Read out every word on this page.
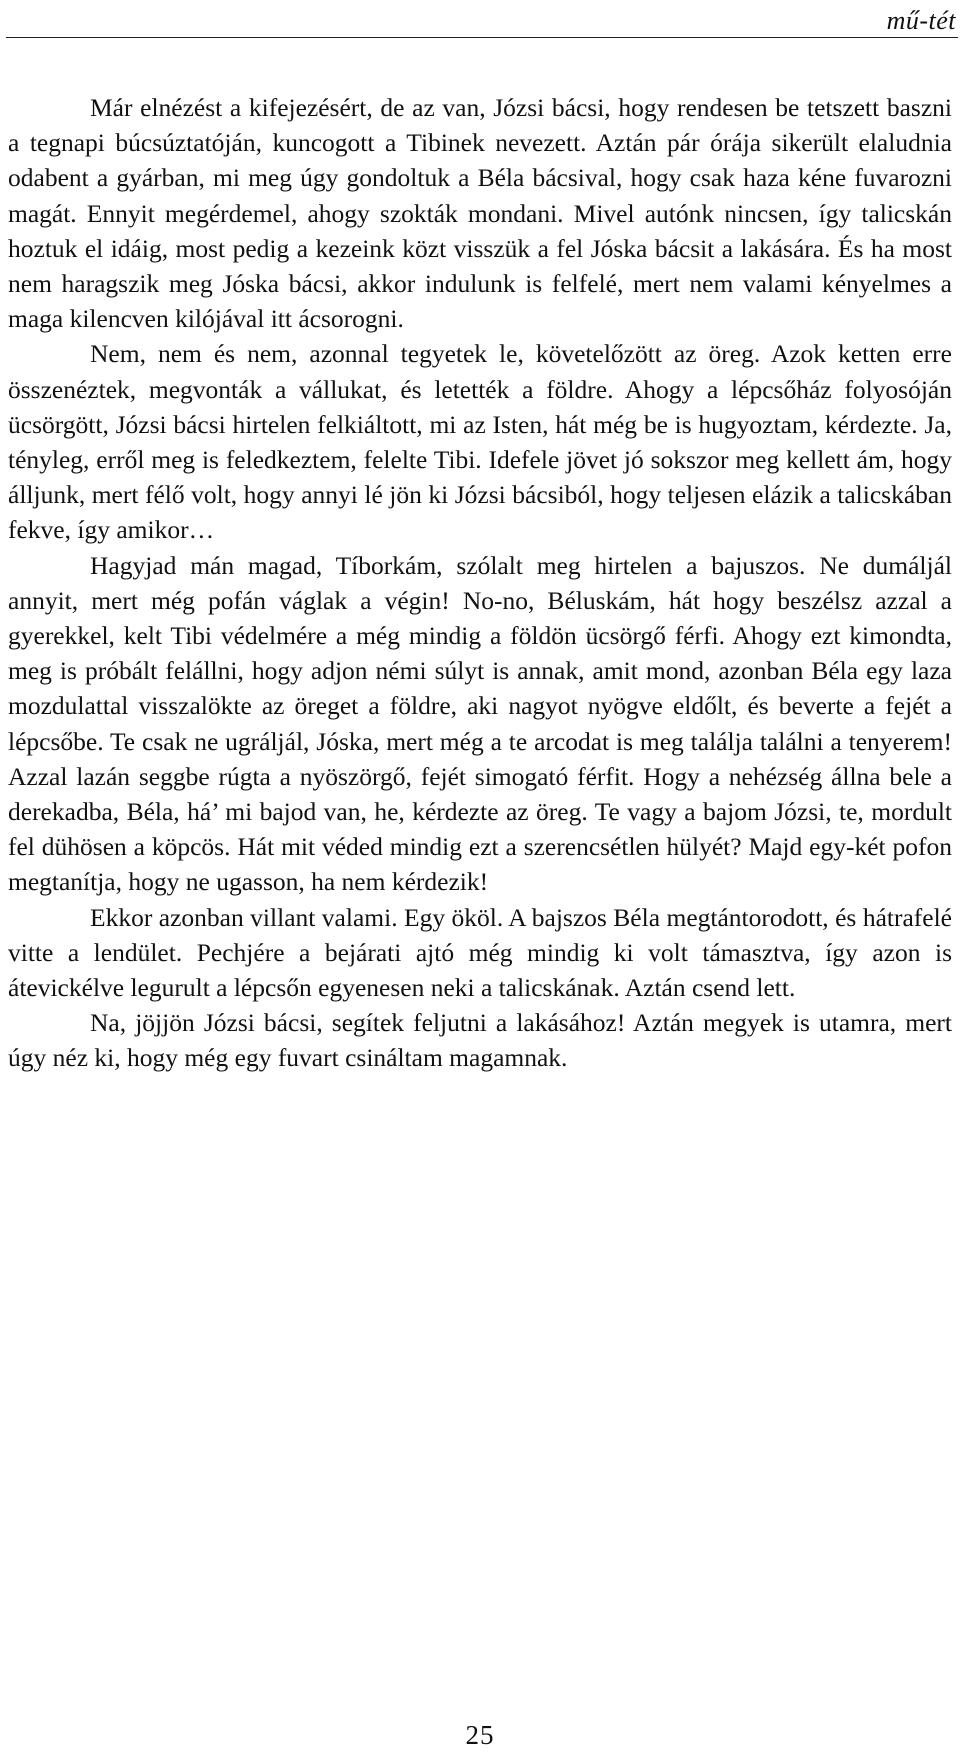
mű-tét

Már elnézést a kifejezésért, de az van, Józsi bácsi, hogy rendesen be tetszett baszni a tegnapi búcsúztatóján, kuncogott a Tibinek nevezett. Aztán pár órája sikerült elaludnia odabent a gyárban, mi meg úgy gondoltuk a Béla bácsival, hogy csak haza kéne fuvarozni magát. Ennyit megérdemel, ahogy szokták mondani. Mivel autónk nincsen, így talicskán hoztuk el idáig, most pedig a kezeink közt visszük a fel Jóska bácsit a lakására. És ha most nem haragszik meg Jóska bácsi, akkor indulunk is felfelé, mert nem valami kényelmes a maga kilencven kilójával itt ácsorogni.

Nem, nem és nem, azonnal tegyetek le, követelőzött az öreg. Azok ketten erre összenéztek, megvonták a vállukat, és letették a földre. Ahogy a lépcsőház folyosóján ücsörgött, Józsi bácsi hirtelen felkiáltott, mi az Isten, hát még be is hugyoztam, kérdezte. Ja, tényleg, erről meg is feledkeztem, felelte Tibi. Idefele jövet jó sokszor meg kellett ám, hogy álljunk, mert félő volt, hogy annyi lé jön ki Józsi bácsiból, hogy teljesen elázik a talicskában fekve, így amikor…

Hagyjad mán magad, Tíborkám, szólalt meg hirtelen a bajuszos. Ne dumáljál annyit, mert még pofán váglak a végin! No-no, Béluskám, hát hogy beszélsz azzal a gyerekkel, kelt Tibi védelmére a még mindig a földön ücsörgő férfi. Ahogy ezt kimondta, meg is próbált felállni, hogy adjon némi súlyt is annak, amit mond, azonban Béla egy laza mozdulattal visszalökte az öreget a földre, aki nagyot nyögve eldőlt, és beverte a fejét a lépcsőbe. Te csak ne ugráljál, Jóska, mert még a te arcodat is meg találja találni a tenyerem! Azzal lazán seggbe rúgta a nyöszörgő, fejét simogató férfit. Hogy a nehézség állna bele a derekadba, Béla, há’ mi bajod van, he, kérdezte az öreg. Te vagy a bajom Józsi, te, mordult fel dühösen a köpcös. Hát mit véded mindig ezt a szerencsétlen hülyét? Majd egy-két pofon megtanítja, hogy ne ugasson, ha nem kérdezik!

Ekkor azonban villant valami. Egy ököl. A bajszos Béla megtántorodott, és hátrafelé vitte a lendület. Pechjére a bejárati ajtó még mindig ki volt támasztva, így azon is átevickélve legurult a lépcsőn egyenesen neki a talicskának. Aztán csend lett.

Na, jöjjön Józsi bácsi, segítek feljutni a lakásához! Aztán megyek is utamra, mert úgy néz ki, hogy még egy fuvart csináltam magamnak.

25
